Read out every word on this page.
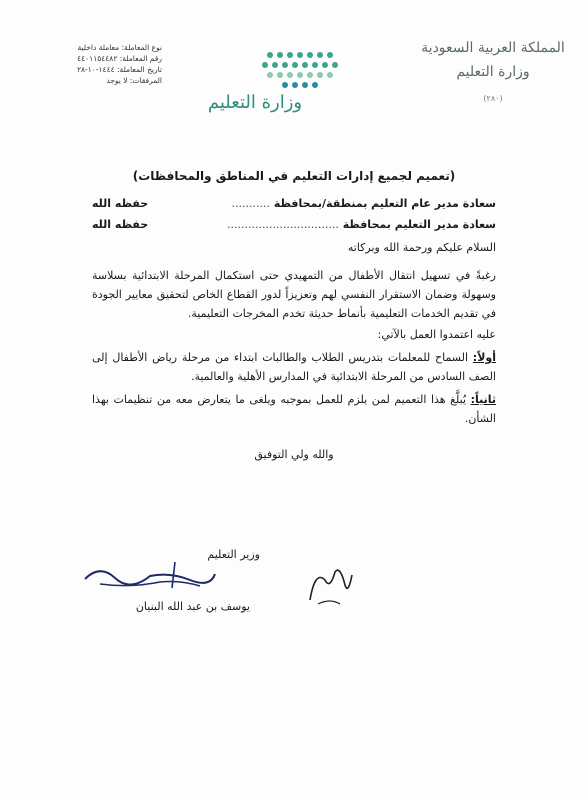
المملكة العربية السعودية
وزارة التعليم
(٢٨٠)
وزارة التعليم
نوع المعاملة: معاملة داخلية
رقم المعاملة: ٤٤٠١١٥٤٤٨٢
تاريخ المعاملة: ١٤٤٤-١٠-٢٨
المرفقات: لا يوجد
(تعميم لجميع إدارات التعليم في المناطق والمحافظات)
سعادة مدير عام التعليم بمنطقة/بمحافظة ...........
حفظه الله
سعادة مدير التعليم بمحافظة ................................
حفظه الله
السلام عليكم ورحمة الله وبركاته
رغبةً في تسهيل انتقال الأطفال من التمهيدي حتى استكمال المرحلة الابتدائية بسلاسة وسهولة وضمان الاستقرار النفسي لهم وتعزيزاً لدور القطاع الخاص لتحقيق معايير الجودة في تقديم الخدمات التعليمية بأنماط حديثة تخدم المخرجات التعليمية.
عليه اعتمدوا العمل بالآتي:
أولاً: السماح للمعلمات بتدريس الطلاب والطالبات ابتداء من مرحلة رياض الأطفال إلى الصف السادس من المرحلة الابتدائية في المدارس الأهلية والعالمية.
ثانياً: يُبلَّغ هذا التعميم لمن يلزم للعمل بموجبه ويلغى ما يتعارض معه من تنظيمات بهذا الشأن.
والله ولي التوفيق
وزير التعليم
يوسف بن عبد الله البنيان
